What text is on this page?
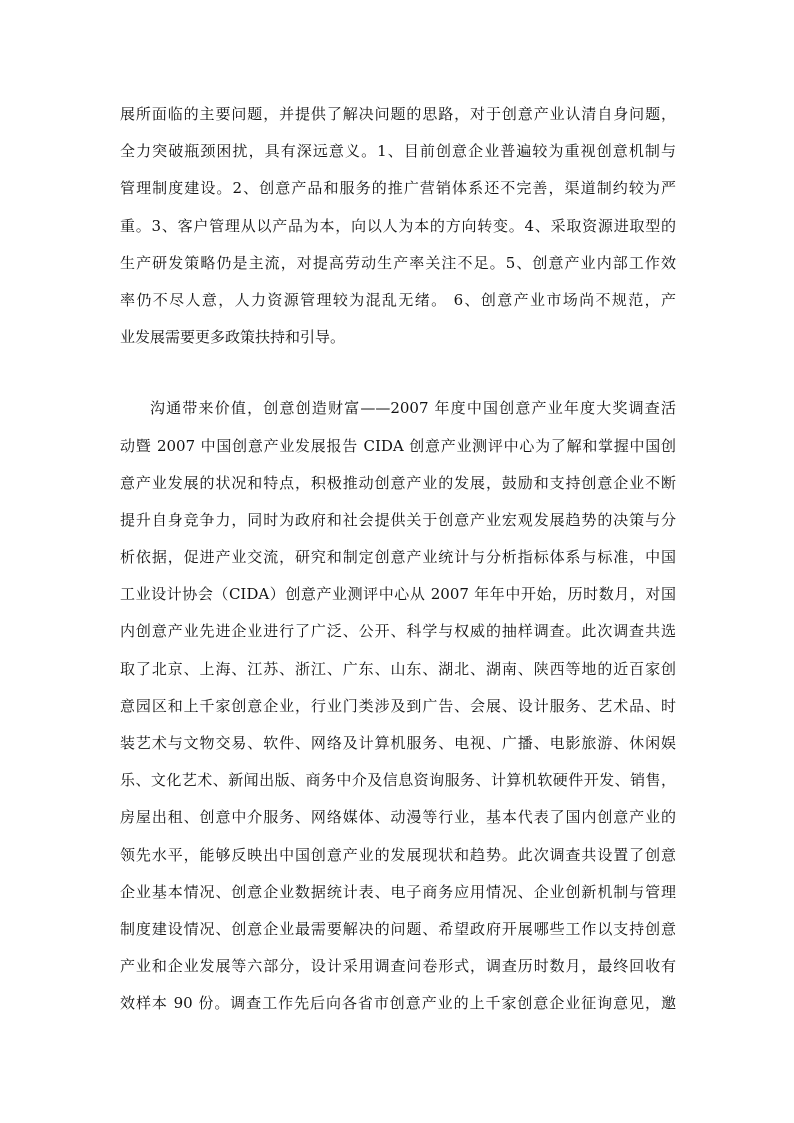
展所面临的主要问题，并提供了解决问题的思路，对于创意产业认清自身问题，
全力突破瓶颈困扰，具有深远意义。1、目前创意企业普遍较为重视创意机制与
管理制度建设。2、创意产品和服务的推广营销体系还不完善，渠道制约较为严
重。3、客户管理从以产品为本，向以人为本的方向转变。4、采取资源进取型的
生产研发策略仍是主流，对提高劳动生产率关注不足。5、创意产业内部工作效
率仍不尽人意，人力资源管理较为混乱无绪。 6、创意产业市场尚不规范，产
业发展需要更多政策扶持和引导。
沟通带来价值，创意创造财富——2007 年度中国创意产业年度大奖调查活
动暨 2007 中国创意产业发展报告 CIDA 创意产业测评中心为了解和掌握中国创
意产业发展的状况和特点，积极推动创意产业的发展，鼓励和支持创意企业不断
提升自身竞争力，同时为政府和社会提供关于创意产业宏观发展趋势的决策与分
析依据，促进产业交流，研究和制定创意产业统计与分析指标体系与标准，中国
工业设计协会（CIDA）创意产业测评中心从 2007 年年中开始，历时数月，对国
内创意产业先进企业进行了广泛、公开、科学与权威的抽样调查。此次调查共选
取了北京、上海、江苏、浙江、广东、山东、湖北、湖南、陕西等地的近百家创
意园区和上千家创意企业，行业门类涉及到广告、会展、设计服务、艺术品、时
装艺术与文物交易、软件、网络及计算机服务、电视、广播、电影旅游、休闲娱
乐、文化艺术、新闻出版、商务中介及信息资询服务、计算机软硬件开发、销售，
房屋出租、创意中介服务、网络媒体、动漫等行业，基本代表了国内创意产业的
领先水平，能够反映出中国创意产业的发展现状和趋势。此次调查共设置了创意
企业基本情况、创意企业数据统计表、电子商务应用情况、企业创新机制与管理
制度建设情况、创意企业最需要解决的问题、希望政府开展哪些工作以支持创意
产业和企业发展等六部分，设计采用调查问卷形式，调查历时数月，最终回收有
效样本 90 份。调查工作先后向各省市创意产业的上千家创意企业征询意见，邀
